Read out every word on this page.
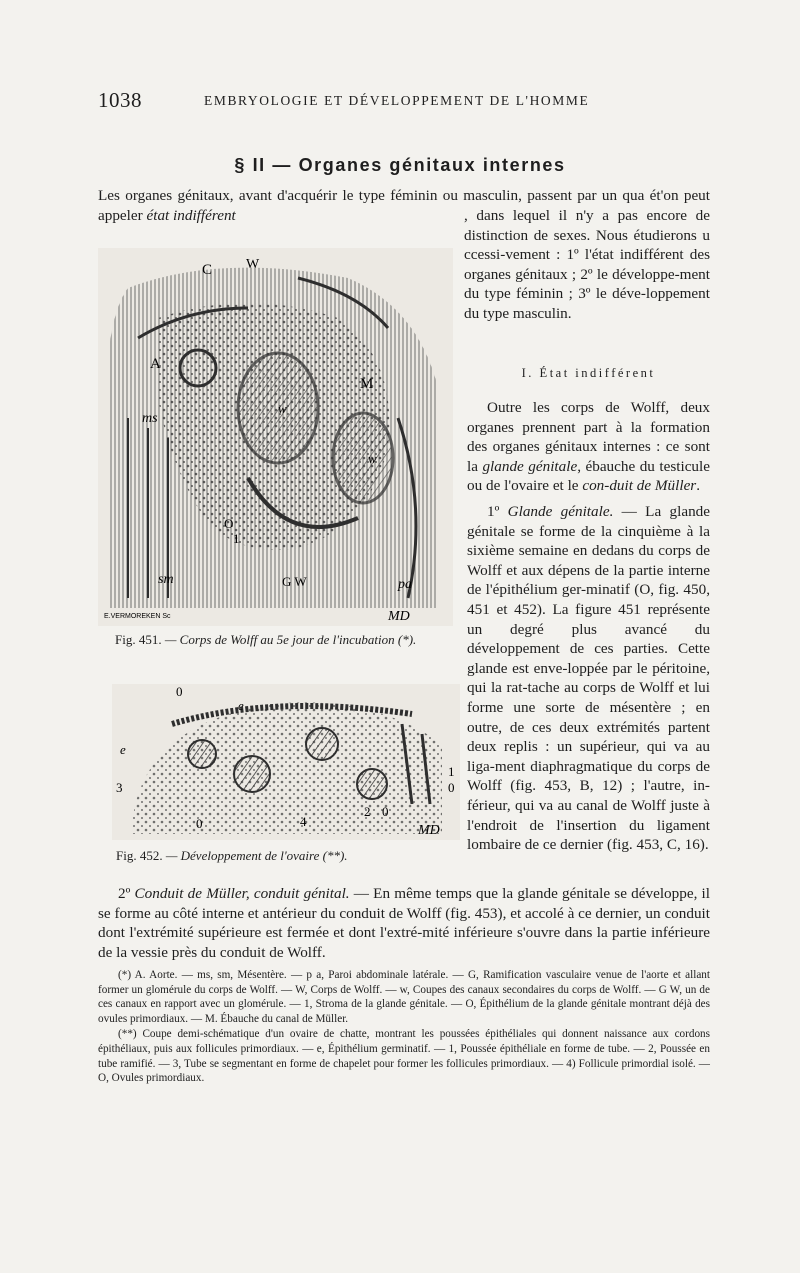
1038	EMBRYOLOGIE ET DÉVELOPPEMENT DE L'HOMME
§ II — Organes génitaux internes
Les organes génitaux, avant d'acquérir le type féminin ou masculin, passent par un qua ét'on peut appeler état indifférent	, dans lequel il n'y a pas encore de distinction de sexes. Nous étudierons u ccessi-vement : 1º l'état indifférent des organes génitaux ; 2º le développe-ment du type féminin ; 3º le déve-loppement du type masculin.
C W
A
M
ms
w
w
O
1
sm	G W	pa
E.VERMOREKEN Sc	MD
Fig. 451. — Corps de Wolff au 5e jour de l'incubation (*).
0
e
e
3
1
0
2 0
4
0	MD
Fig. 452. — Développement de l'ovaire (**).
I. État indifférent
Outre les corps de Wolff, deux organes prennent part à la formation des organes génitaux internes : ce sont la glande génitale, ébauche du testicule ou de l'ovaire et le con-duit de Müller.
1º Glande génitale. — La glande génitale se forme de la cinquième à la sixième semaine en dedans du corps de Wolff et aux dépens de la partie interne de l'épithélium ger-minatif (O, fig. 450, 451 et 452). La figure 451 représente un degré plus avancé du développement de ces parties. Cette glande est enve-loppée par le péritoine, qui la rat-tache au corps de Wolff et lui forme une sorte de mésentère ; en outre, de ces deux extrémités partent deux replis : un supérieur, qui va au liga-ment diaphragmatique du corps de Wolff (fig. 453, B, 12) ; l'autre, in-férieur, qui va au canal de Wolff juste à l'endroit de l'insertion du ligament lombaire de ce dernier (fig. 453, C, 16).
2º Conduit de Müller, conduit génital. — En même temps que la glande génitale se développe, il se forme au côté interne et antérieur du conduit de Wolff (fig. 453), et accolé à ce dernier, un conduit dont l'extrémité supérieure est fermée et dont l'extré-mité inférieure s'ouvre dans la partie inférieure de la vessie près du conduit de Wolff.

(*) A. Aorte. — ms, sm, Mésentère. — p a, Paroi abdominale latérale. — G, Ramification vasculaire venue de l'aorte et allant former un glomérule du corps de Wolff. — W, Corps de Wolff. — w, Coupes des canaux secondaires du corps de Wolff. — G W, un de ces canaux en rapport avec un glomérule. — 1, Stroma de la glande génitale. — O, Épithélium de la glande génitale montrant déjà des ovules primordiaux. — M. Ébauche du canal de Müller.

(**) Coupe demi-schématique d'un ovaire de chatte, montrant les poussées épithéliales qui donnent naissance aux cordons épithéliaux, puis aux follicules primordiaux. — e, Épithélium germinatif. — 1, Poussée épithéliale en forme de tube. — 2, Poussée en tube ramifié. — 3, Tube se segmentant en forme de chapelet pour former les follicules primordiaux. — 4) Follicule primordial isolé. — O, Ovules primordiaux.
